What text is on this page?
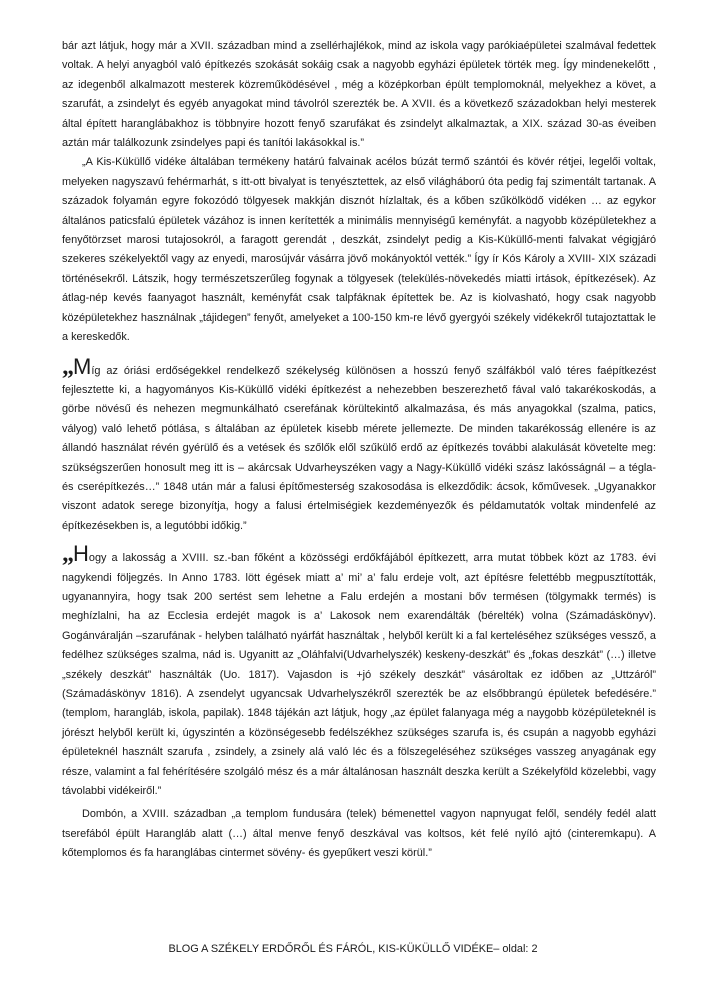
bár azt látjuk, hogy már a XVII. században mind a zsellérhajlékok, mind az iskola vagy parókiaépületei szalmával fedettek voltak. A helyi anyagból való építkezés szokását sokáig csak a nagyobb egyházi épületek törték meg. Így mindenekelőtt , az idegenből alkalmazott mesterek közreműködésével , még a középkorban épült templomoknál, melyekhez a követ, a szarufát, a zsindelyt és egyéb anyagokat mind távolról szerezték be. A XVII. és a következő századokban helyi mesterek által épített haranglábakhoz is többnyire hozott fenyő szarufákat és zsindelyt alkalmaztak, a XIX. század 30-as éveiben aztán már találkozunk zsindelyes papi és tanítói lakásokkal is.”

„A Kis-Küküllő vidéke általában termékeny határú falvainak acélos búzát termő szántói és kövér rétjei, legelői voltak, melyeken nagyszavú fehérmarhát, s itt-ott bivalyat is tenyésztettek, az első világháború óta pedig faj szimentált tartanak. A századok folyamán egyre fokozódó tölgyesek makkján disznót hízlaltak, és a kőben szűkölködő vidéken … az egykor általános paticsfalú épületek vázához is innen kerítették a minimális mennyiségű keményfát. a nagyobb középületekhez a fenyőtörzset marosi tutajosokról, a faragott gerendát , deszkát, zsindelyt pedig a Kis-Küküllő-menti falvakat végigjáró szekeres székelyektől vagy az enyedi, marosújvár vásárra jövő mokányoktól vették.” Így ír Kós Károly a XVIII- XIX századi történésekről. Látszik, hogy természetszerűleg fogynak a tölgyesek (telekülés-növekedés miatti irtások, építkezések). Az átlag-nép kevés faanyagot használt, keményfát csak talpfáknak építettek be. Az is kiolvasható, hogy csak nagyobb középületekhez használnak „tájidegen” fenyőt, amelyeket a 100-150 km-re lévő gyergyói székely vidékekről tutajoztattak le a kereskedők.

„Míg az óriási erdőségekkel rendelkező székelység különösen a hosszú fenyő szálfákból való téres faépítkezést fejlesztette ki, a hagyományos Kis-Küküllő vidéki építkezést a nehezebben beszerezhető fával való takarékoskodás, a görbe növésű és nehezen megmunkálható cserefának körültekintő alkalmazása, és más anyagokkal (szalma, patics, vályog) való lehető pótlása, s általában az épületek kisebb mérete jellemezte. De minden takarékosság ellenére is az állandó használat révén gyérülő és a vetések és szőlők elől szűkülő erdő az építkezés további alakulását követelte meg: szükségszerűen honosult meg itt is – akárcsak Udvarheyszéken vagy a Nagy-Küküllő vidéki szász lakósságnál – a tégla- és cserépítkezés…” 1848 után már a falusi építőmesterség szakosodása is elkezdődik: ácsok, kőművesek. „Ugyanakkor viszont adatok serege bizonyítja, hogy a falusi értelmiségiek kezdeményezők és példamutatók voltak mindenfelé az építkezésekben is, a legutóbbi időkig.”

„Hogy a lakosság a XVIII. sz.-ban főként a közösségi erdőkfájából építkezett, arra mutat többek közt az 1783. évi nagykendi följegzés. In Anno 1783. lött égések miatt a’ mi’ a’ falu erdeje volt, azt építésre felettébb megpusztították, ugyanannyira, hogy tsak 200 sertést sem lehetne a Falu erdején a mostani bőv termésen (tölgymakk termés) is meghízlalni, ha az Ecclesia erdejét magok is a’ Lakosok nem exarendálták (bérelték) volna (Számadáskönyv). Gogánváralján –szarufának - helyben található nyárfát használtak , helyből került ki a fal kerteléséhez szükséges vessző, a fedélhez szükséges szalma, nád is. Ugyanitt az „Oláhfalvi(Udvarhelyszék) keskeny-deszkát” és „fokas deszkát” (…) illetve „székely deszkát” használták (Uo. 1817). Vajasdon is +jó székely deszkát” vásároltak ez időben az „Uttzáról” (Számadáskönyv 1816). A zsendelyt ugyancsak Udvarhelyszékről szerezték be az elsőbbrangú épületek befedésére.” (templom, harangláb, iskola, papilak). 1848 tájékán azt látjuk, hogy „az épület falanyaga még a naygobb középületeknél is jórészt helyből került ki, úgyszintén a közönségesebb fedélszékhez szükséges szarufa is, és csupán a nagyobb egyházi épületeknél használt szarufa , zsindely, a zsinely alá való léc és a fölszegeléséhez szükséges vasszeg anyagának egy része, valamint a fal fehérítésére szolgáló mész és a már általánosan használt deszka került a Székelyföld közelebbi, vagy távolabbi vidékeiről.”

Dombón, a XVIII. században „a templom fundusára (telek) bémenettel vagyon napnyugat felől, sendély fedél alatt tserefából épült Harangláb alatt (…) által menve fenyő deszkával vas koltsos, két felé nyíló ajtó (cinteremkapu). A kőtemplomos és fa haranglábas cintermet sövény- és gyepűkert veszi körül.”

BLOG A SZÉKELY ERDŐRŐL ÉS FÁRÓL, KIS-KÜKÜLLŐ VIDÉKE– oldal: 2
